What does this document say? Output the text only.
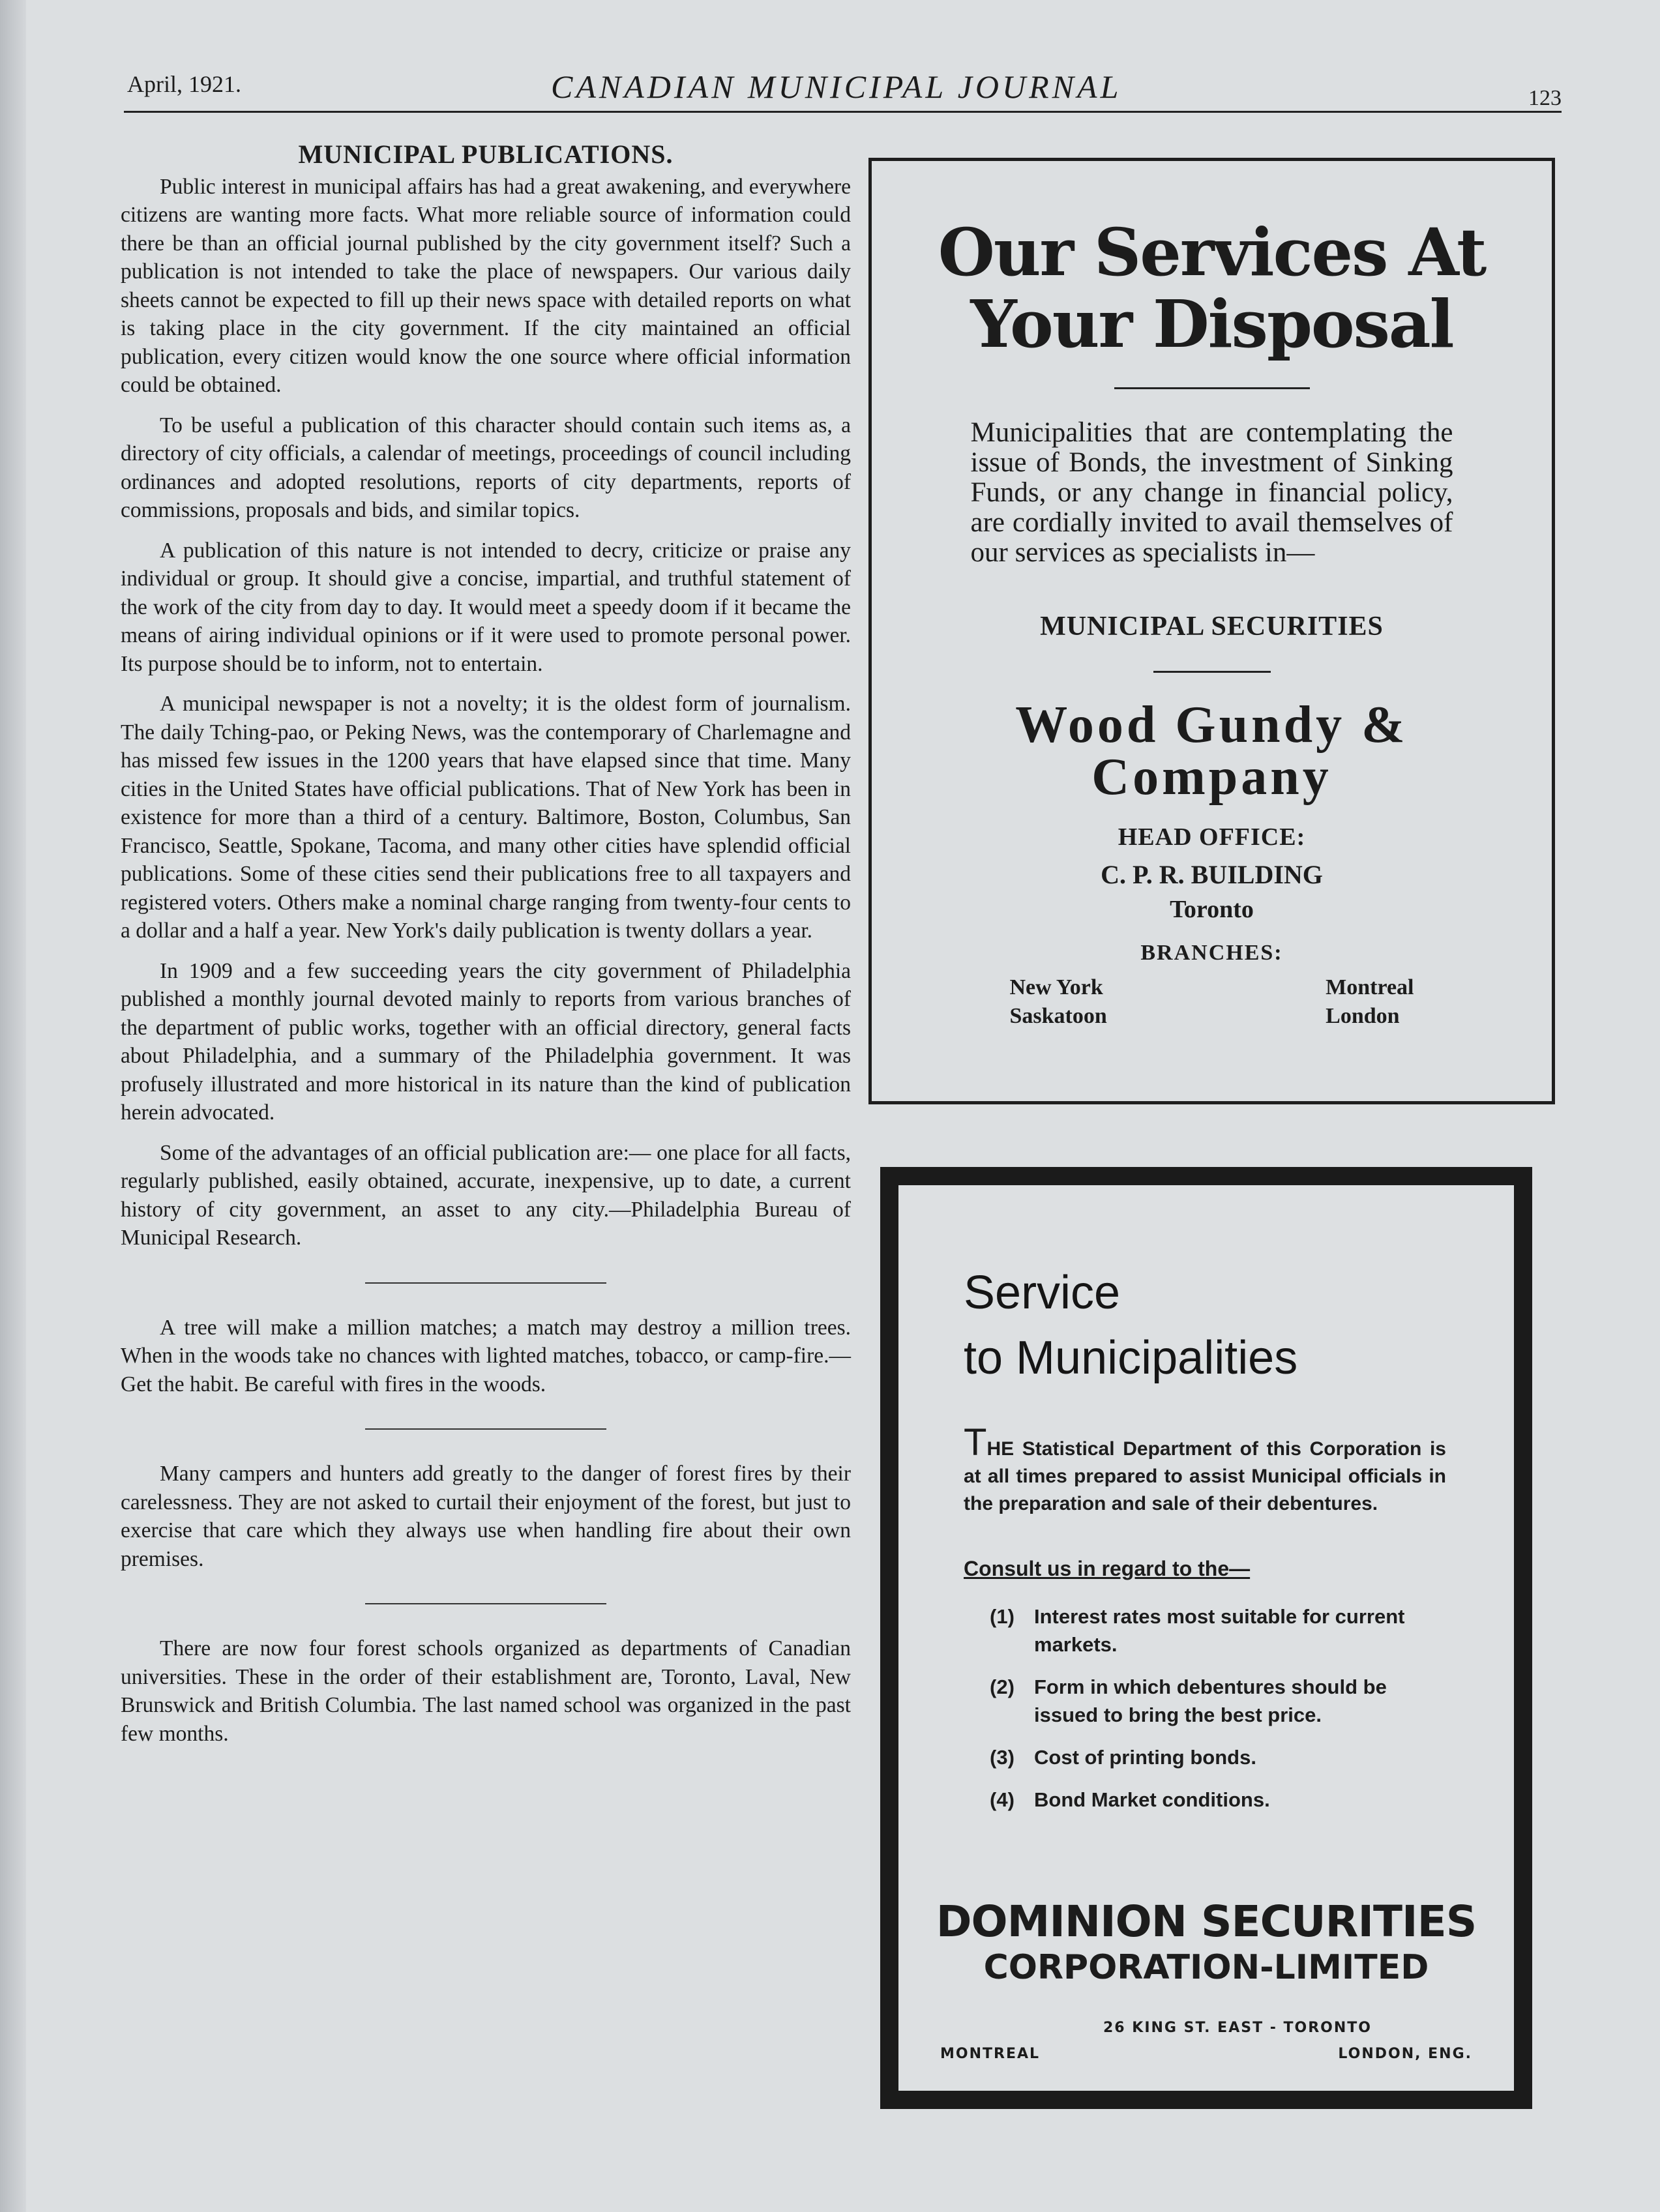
April, 1921.	CANADIAN MUNICIPAL JOURNAL	123
MUNICIPAL PUBLICATIONS.

Public interest in municipal affairs has had a great awakening, and everywhere citizens are wanting more facts. What more reliable source of information could there be than an official journal published by the city government itself? Such a publication is not intended to take the place of newspapers. Our various daily sheets cannot be expected to fill up their news space with detailed reports on what is taking place in the city government. If the city maintained an official publication, every citizen would know the one source where official information could be obtained.

To be useful a publication of this character should contain such items as, a directory of city officials, a calendar of meetings, proceedings of council including ordinances and adopted resolutions, reports of city departments, reports of commissions, proposals and bids, and similar topics.

A publication of this nature is not intended to decry, criticize or praise any individual or group. It should give a concise, impartial, and truthful statement of the work of the city from day to day. It would meet a speedy doom if it became the means of airing individual opinions or if it were used to promote personal power. Its purpose should be to inform, not to entertain.

A municipal newspaper is not a novelty; it is the oldest form of journalism. The daily Tching-pao, or Peking News, was the contemporary of Charlemagne and has missed few issues in the 1200 years that have elapsed since that time. Many cities in the United States have official publications. That of New York has been in existence for more than a third of a century. Baltimore, Boston, Columbus, San Francisco, Seattle, Spokane, Tacoma, and many other cities have splendid official publications. Some of these cities send their publications free to all taxpayers and registered voters. Others make a nominal charge ranging from twenty-four cents to a dollar and a half a year. New York's daily publication is twenty dollars a year.

In 1909 and a few succeeding years the city government of Philadelphia published a monthly journal devoted mainly to reports from various branches of the department of public works, together with an official directory, general facts about Philadelphia, and a summary of the Philadelphia government. It was profusely illustrated and more historical in its nature than the kind of publication herein advocated.

Some of the advantages of an official publication are:— one place for all facts, regularly published, easily obtained, accurate, inexpensive, up to date, a current history of city government, an asset to any city.—Philadelphia Bureau of Municipal Research.

A tree will make a million matches; a match may destroy a million trees. When in the woods take no chances with lighted matches, tobacco, or camp-fire.—Get the habit. Be careful with fires in the woods.

Many campers and hunters add greatly to the danger of forest fires by their carelessness. They are not asked to curtail their enjoyment of the forest, but just to exercise that care which they always use when handling fire about their own premises.

There are now four forest schools organized as departments of Canadian universities. These in the order of their establishment are, Toronto, Laval, New Brunswick and British Columbia. The last named school was organized in the past few months.

Our Services At
Your Disposal
Municipalities that are contemplating the issue of Bonds, the investment of Sinking Funds, or any change in financial policy, are cordially invited to avail themselves of our services as specialists in—
MUNICIPAL SECURITIES
Wood Gundy &
Company
HEAD OFFICE:
C. P. R. BUILDING
Toronto
BRANCHES:
New York
Saskatoon
Montreal
London
Service
to Municipalities
THE Statistical Department of this Corporation is at all times prepared to assist Municipal officials in the preparation and sale of their debentures.
Consult us in regard to the—
(1) Interest rates most suitable for current markets.
(2) Form in which debentures should be issued to bring the best price.
(3) Cost of printing bonds.
(4) Bond Market conditions.
DOMINION SECURITIES
CORPORATION-LIMITED
26 KING ST. EAST - TORONTO
MONTREAL	LONDON, ENG.
